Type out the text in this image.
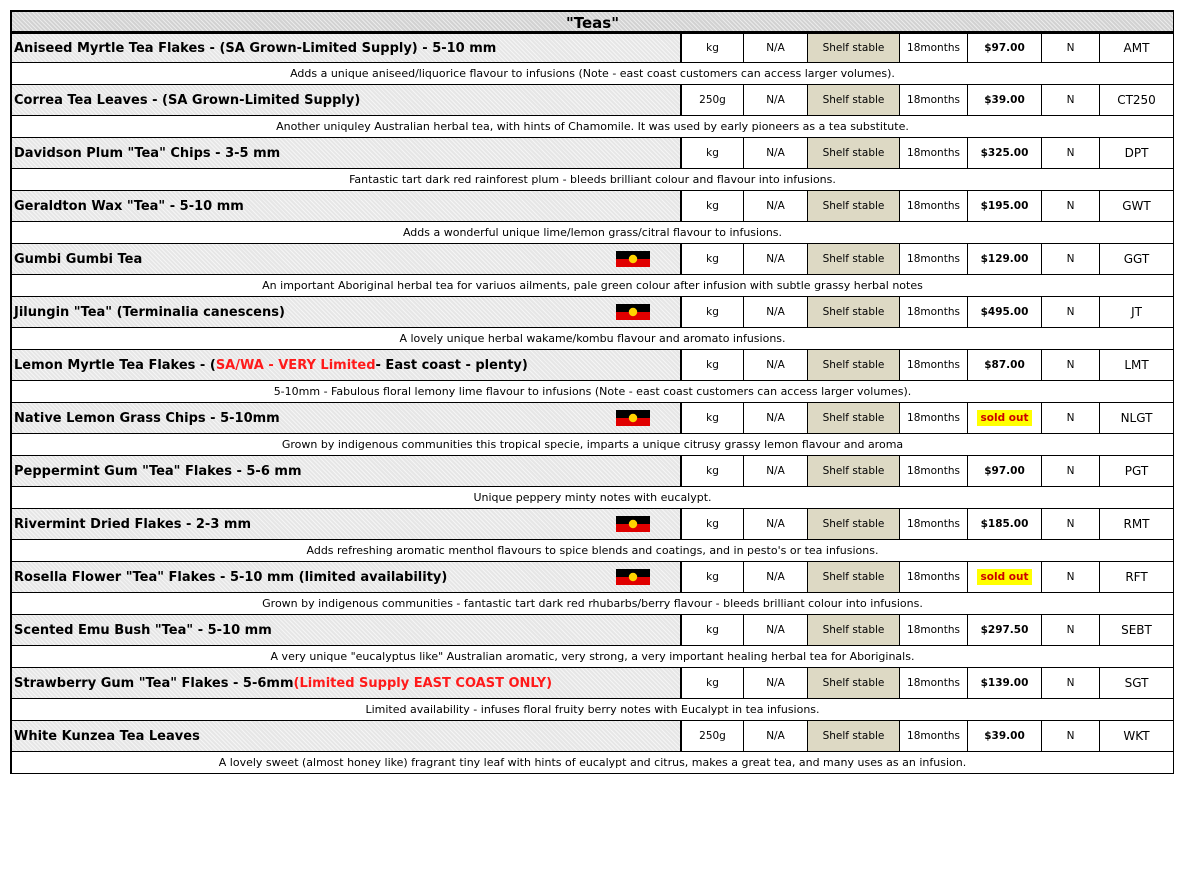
"Teas"
Aniseed Myrtle Tea Flakes - (SA Grown-Limited Supply) - 5-10 mm	kg	N/A	Shelf stable	18months	$97.00	N	AMT
Adds a unique aniseed/liquorice flavour to infusions (Note - east coast customers can access larger volumes).
Correa Tea Leaves - (SA Grown-Limited Supply)	250g	N/A	Shelf stable	18months	$39.00	N	CT250
Another uniquley Australian herbal tea, with hints of Chamomile. It was used by early pioneers as a tea substitute.
Davidson Plum "Tea" Chips - 3-5 mm	kg	N/A	Shelf stable	18months	$325.00	N	DPT
Fantastic tart dark red rainforest plum - bleeds brilliant colour and flavour into infusions.
Geraldton Wax "Tea" - 5-10 mm	kg	N/A	Shelf stable	18months	$195.00	N	GWT
Adds a wonderful unique lime/lemon grass/citral flavour to infusions.
Gumbi Gumbi Tea	kg	N/A	Shelf stable	18months	$129.00	N	GGT
An important Aboriginal herbal tea for variuos ailments, pale green colour after infusion with subtle grassy herbal notes
Jilungin "Tea" (Terminalia canescens)	kg	N/A	Shelf stable	18months	$495.00	N	JT
A lovely unique herbal wakame/kombu flavour and aromato infusions.
Lemon Myrtle Tea Flakes - ( SA/WA - VERY Limited - East coast - plenty)	kg	N/A	Shelf stable	18months	$87.00	N	LMT
5-10mm - Fabulous floral lemony lime flavour to infusions (Note - east coast customers can access larger volumes).
Native Lemon Grass Chips - 5-10mm	kg	N/A	Shelf stable	18months	sold out	N	NLGT
Grown by indigenous communities this tropical specie, imparts a unique citrusy grassy lemon flavour and aroma
Peppermint Gum "Tea" Flakes - 5-6 mm	kg	N/A	Shelf stable	18months	$97.00	N	PGT
Unique peppery minty notes with eucalypt.
Rivermint Dried Flakes - 2-3 mm	kg	N/A	Shelf stable	18months	$185.00	N	RMT
Adds refreshing aromatic menthol flavours to spice blends and coatings, and in pesto's or tea infusions.
Rosella Flower "Tea" Flakes - 5-10 mm (limited availability)	kg	N/A	Shelf stable	18months	sold out	N	RFT
Grown by indigenous communities - fantastic tart dark red rhubarbs/berry flavour - bleeds brilliant colour into infusions.
Scented Emu Bush "Tea" - 5-10 mm	kg	N/A	Shelf stable	18months	$297.50	N	SEBT
A very unique "eucalyptus like" Australian aromatic, very strong, a very important healing herbal tea for Aboriginals.
Strawberry Gum "Tea" Flakes - 5-6mm (Limited Supply EAST COAST ONLY)	kg	N/A	Shelf stable	18months	$139.00	N	SGT
Limited availability - infuses floral fruity berry notes with Eucalypt in tea infusions.
White Kunzea Tea Leaves	250g	N/A	Shelf stable	18months	$39.00	N	WKT
A lovely sweet (almost honey like) fragrant tiny leaf with hints of eucalypt and citrus, makes a great tea, and many uses as an infusion.
